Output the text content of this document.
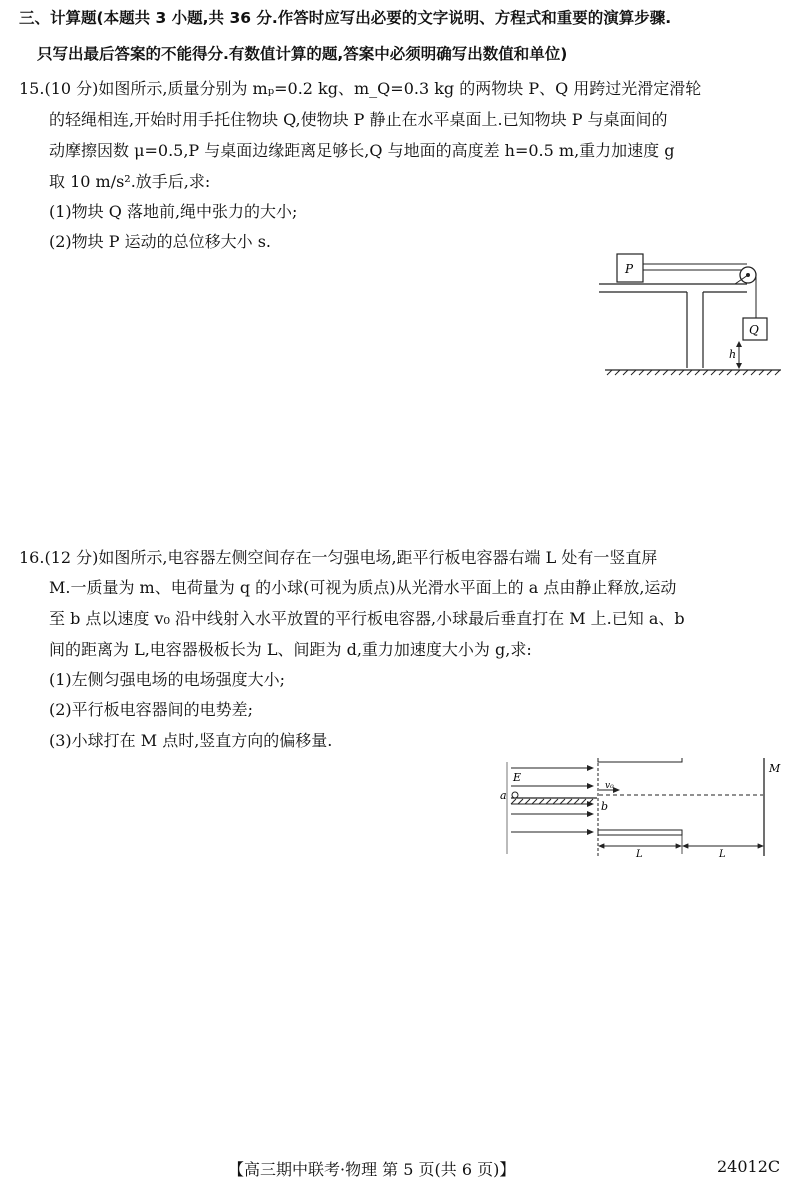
三、计算题(本题共 3 小题,共 36 分.作答时应写出必要的文字说明、方程式和重要的演算步骤.
只写出最后答案的不能得分.有数值计算的题,答案中必须明确写出数值和单位)
15.(10 分)如图所示,质量分别为 mₚ=0.2 kg、m_Q=0.3 kg 的两物块 P、Q 用跨过光滑定滑轮
的轻绳相连,开始时用手托住物块 Q,使物块 P 静止在水平桌面上.已知物块 P 与桌面间的
动摩擦因数 μ=0.5,P 与桌面边缘距离足够长,Q 与地面的高度差 h=0.5 m,重力加速度 g
取 10 m/s².放手后,求:
(1)物块 Q 落地前,绳中张力的大小;
(2)物块 P 运动的总位移大小 s.
P
Q
h
16.(12 分)如图所示,电容器左侧空间存在一匀强电场,距平行板电容器右端 L 处有一竖直屏
M.一质量为 m、电荷量为 q 的小球(可视为质点)从光滑水平面上的 a 点由静止释放,运动
至 b 点以速度 v₀ 沿中线射入水平放置的平行板电容器,小球最后垂直打在 M 上.已知 a、b
间的距离为 L,电容器极板长为 L、间距为 d,重力加速度大小为 g,求:
(1)左侧匀强电场的电场强度大小;
(2)平行板电容器间的电势差;
(3)小球打在 M 点时,竖直方向的偏移量.
E
a
b
v₀
M
L	L
【高三期中联考·物理 第 5 页(共 6 页)】	24012C
